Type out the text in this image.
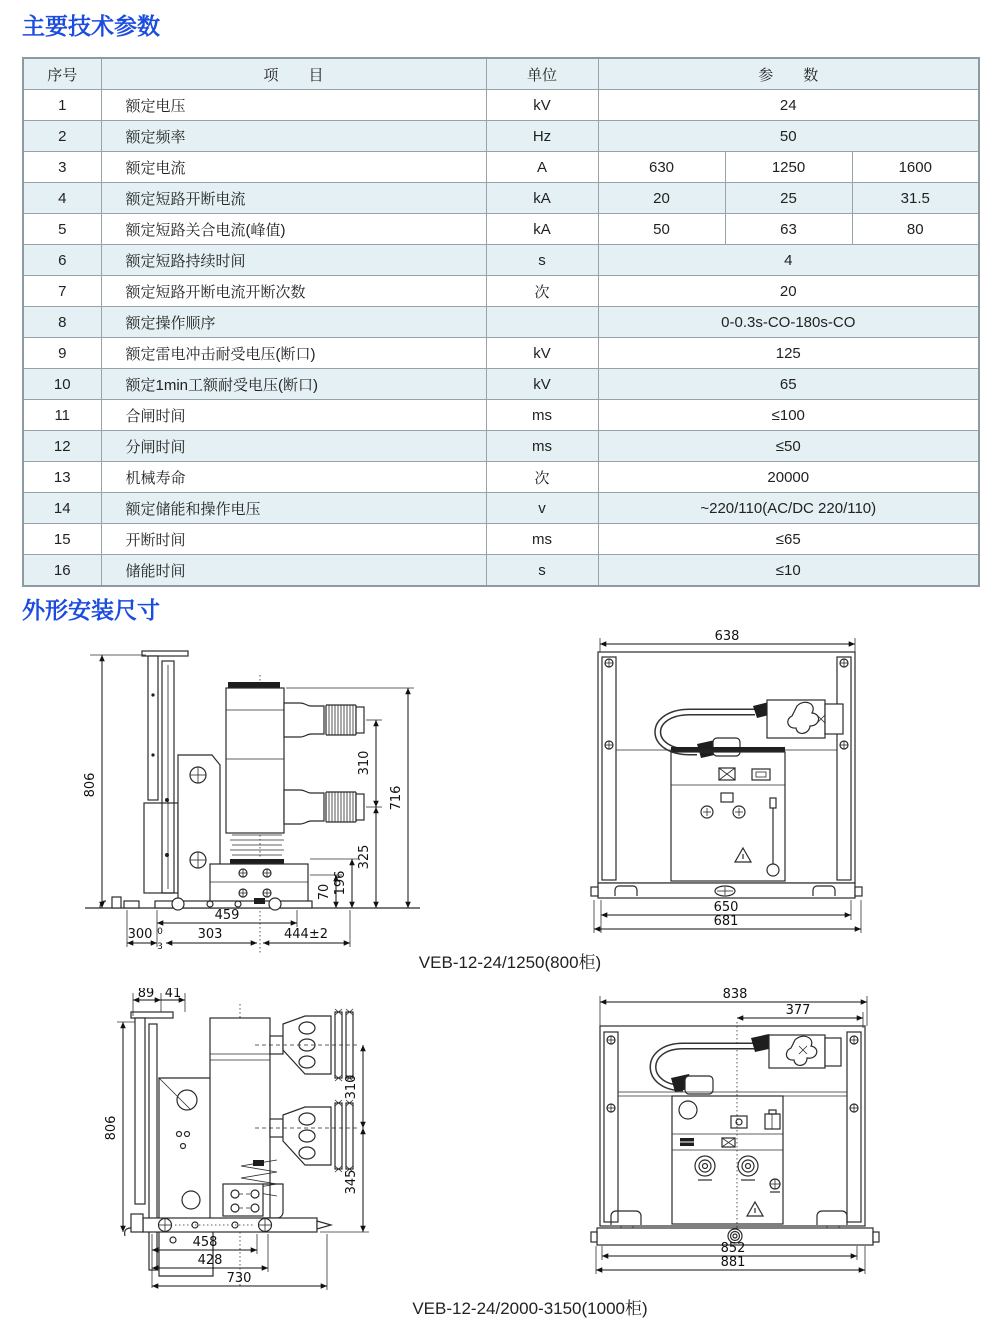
主要技术参数
序号	项　　目	单位	参　　数		
1	额定电压	kV	24		
2	额定频率	Hz	50		
3	额定电流	A	630	1250	1600
4	额定短路开断电流	kA	20	25	31.5
5	额定短路关合电流(峰值)	kA	50	63	80
6	额定短路持续时间	s	4		
7	额定短路开断电流开断次数	次	20		
8	额定操作顺序		0-0.3s-CO-180s-CO		
9	额定雷电冲击耐受电压(断口)	kV	125		
10	额定1min工额耐受电压(断口)	kV	65		
11	合闸时间	ms	≤100		
12	分闸时间	ms	≤50		
13	机械寿命	次	20000		
14	额定储能和操作电压	v	~220/110(AC/DC 220/110)		
15	开断时间	ms	≤65		
16	储能时间	s	≤10		
外形安装尺寸
806
310
325
716
196
70
459
300 0
3
303	444±2
638
650
681
VEB-12-24/1250(800柜)
89 41
806
310
345
458
428
730
838
377
852
881
VEB-12-24/2000-3150(1000柜)
